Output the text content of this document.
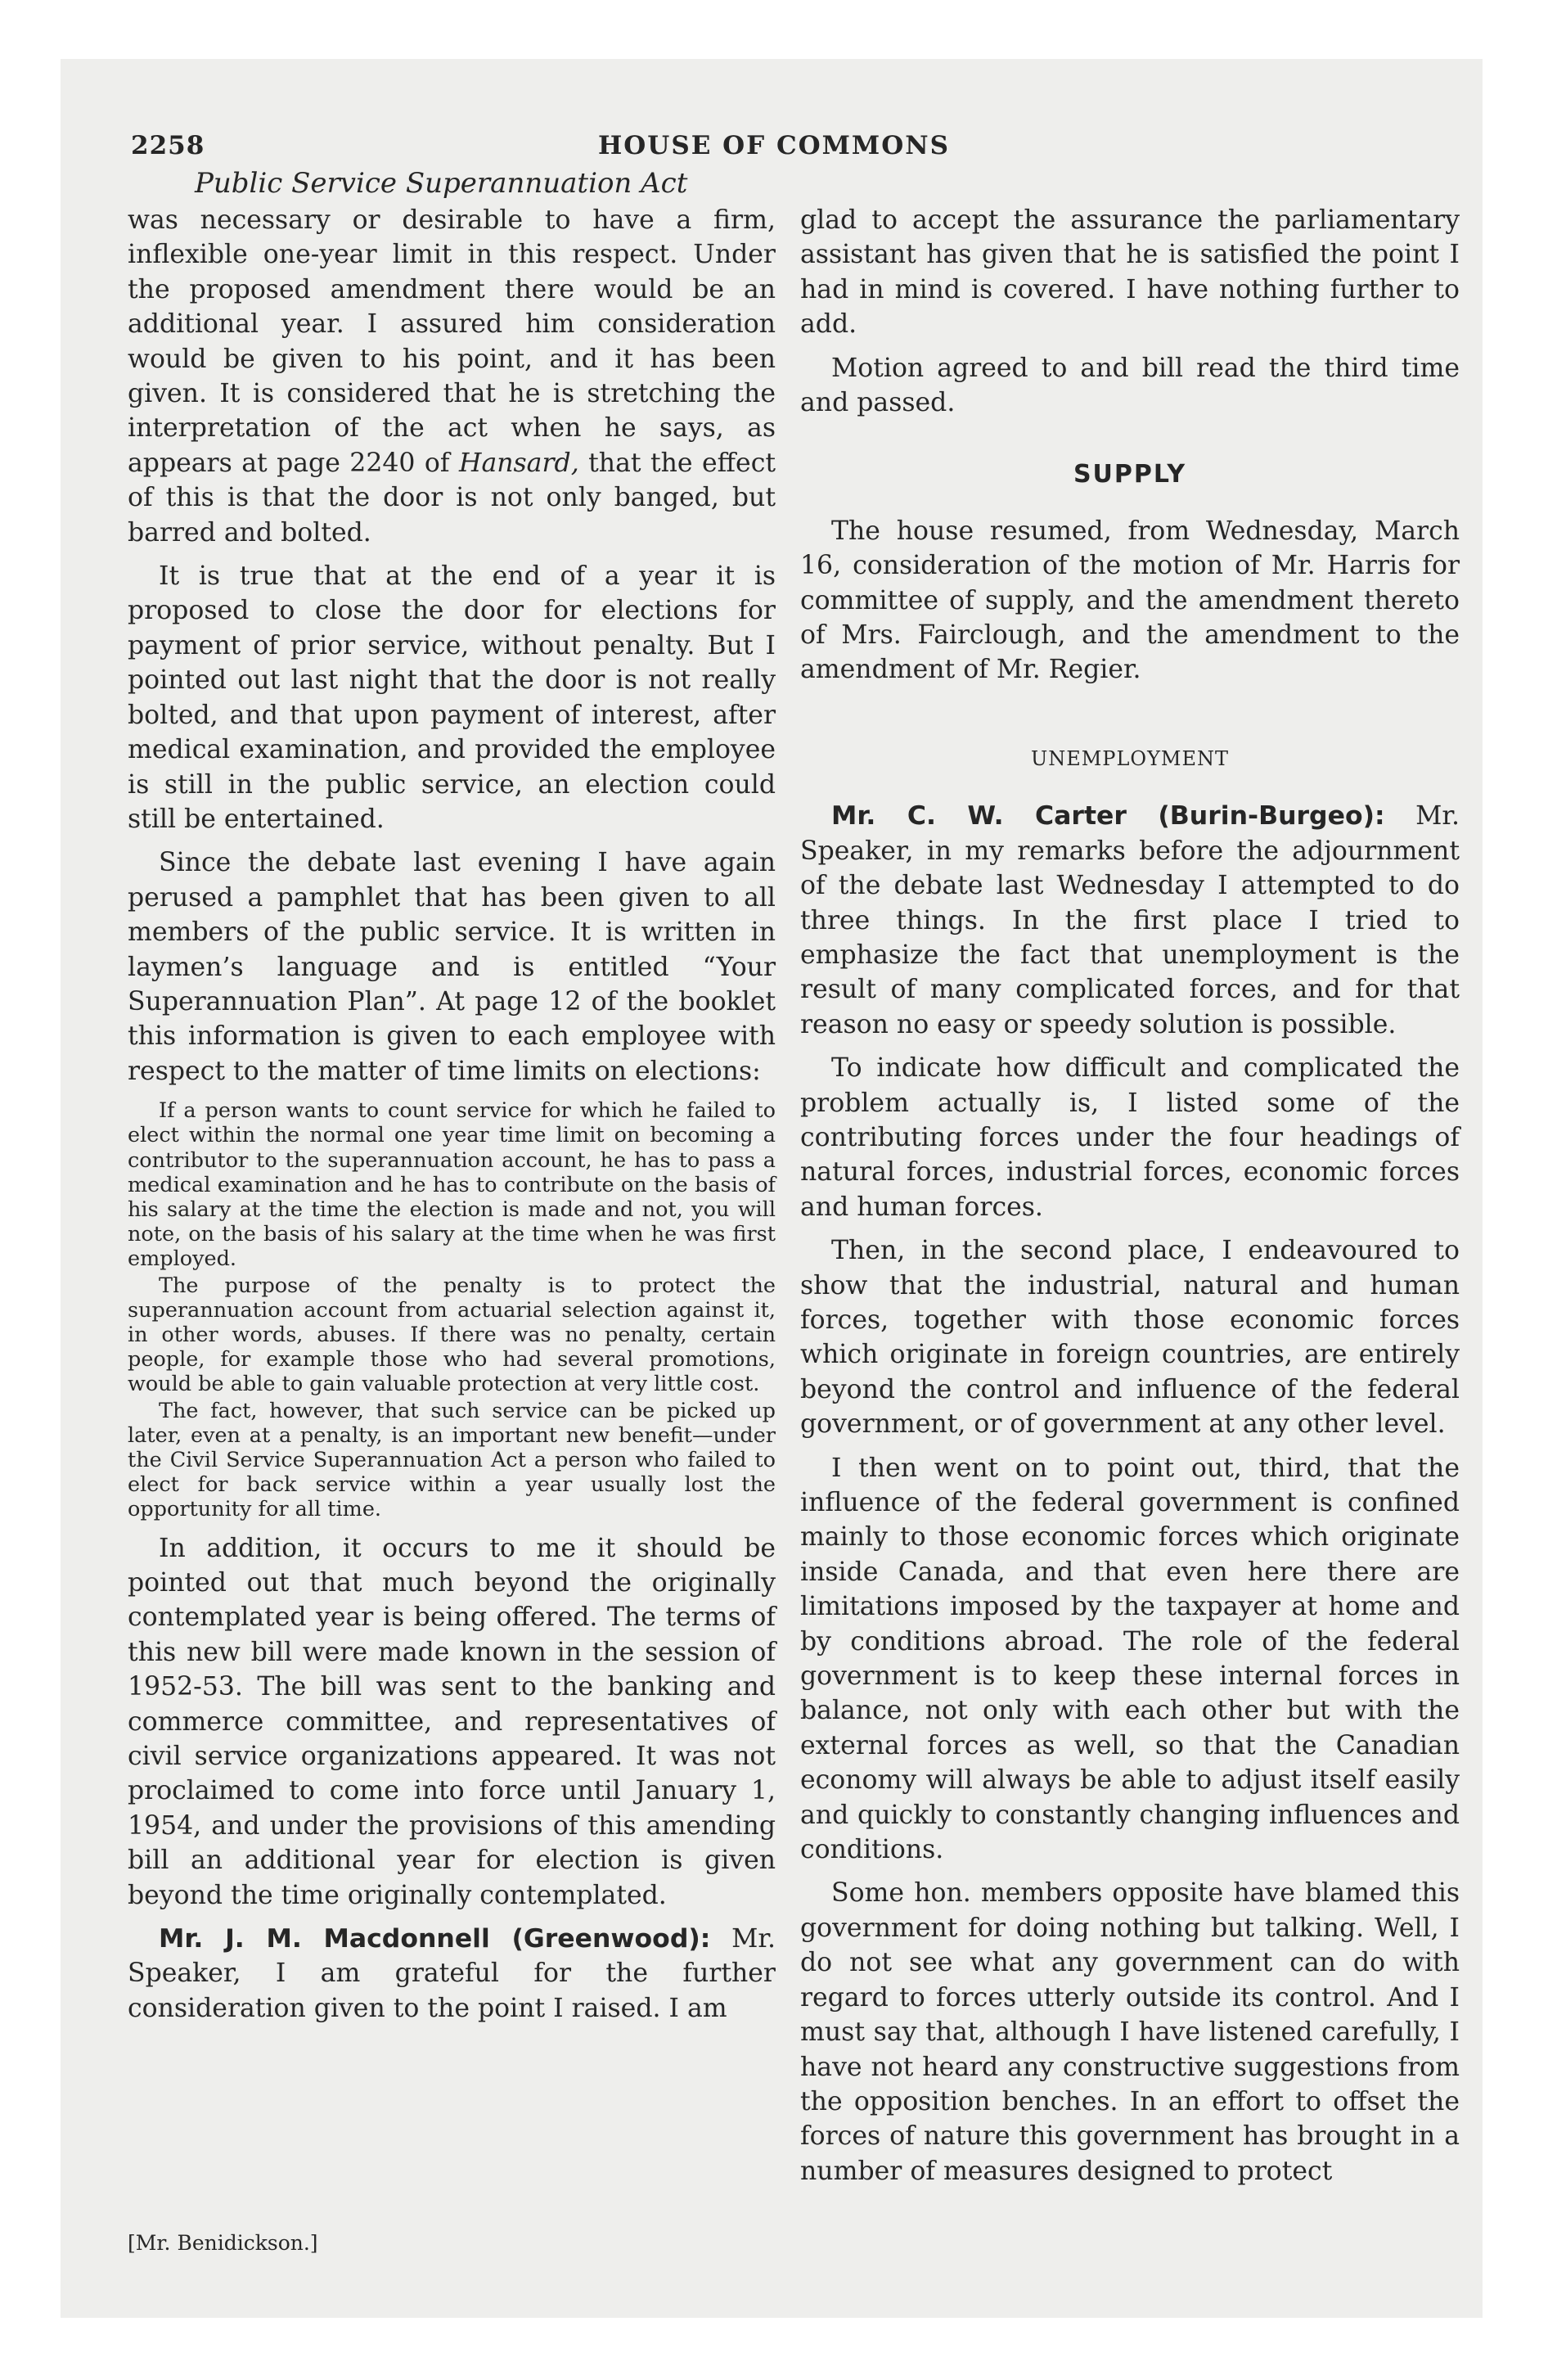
2258	HOUSE OF COMMONS
Public Service Superannuation Act

was necessary or desirable to have a firm, inflexible one-year limit in this respect. Under the proposed amendment there would be an additional year. I assured him consideration would be given to his point, and it has been given. It is considered that he is stretching the interpretation of the act when he says, as appears at page 2240 of Hansard, that the effect of this is that the door is not only banged, but barred and bolted.

It is true that at the end of a year it is proposed to close the door for elections for payment of prior service, without penalty. But I pointed out last night that the door is not really bolted, and that upon payment of interest, after medical examination, and provided the employee is still in the public service, an election could still be entertained.

Since the debate last evening I have again perused a pamphlet that has been given to all members of the public service. It is written in laymen’s language and is entitled “Your Superannuation Plan”. At page 12 of the booklet this information is given to each employee with respect to the matter of time limits on elections:

If a person wants to count service for which he failed to elect within the normal one year time limit on becoming a contributor to the superannuation account, he has to pass a medical examination and he has to contribute on the basis of his salary at the time the election is made and not, you will note, on the basis of his salary at the time when he was first employed.

The purpose of the penalty is to protect the superannuation account from actuarial selection against it, in other words, abuses. If there was no penalty, certain people, for example those who had several promotions, would be able to gain valuable protection at very little cost.

The fact, however, that such service can be picked up later, even at a penalty, is an important new benefit—under the Civil Service Superannuation Act a person who failed to elect for back service within a year usually lost the opportunity for all time.

In addition, it occurs to me it should be pointed out that much beyond the originally contemplated year is being offered. The terms of this new bill were made known in the session of 1952-53. The bill was sent to the banking and commerce committee, and representatives of civil service organizations appeared. It was not proclaimed to come into force until January 1, 1954, and under the provisions of this amending bill an additional year for election is given beyond the time originally contemplated.

Mr. J. M. Macdonnell (Greenwood): Mr. Speaker, I am grateful for the further consideration given to the point I raised. I am

glad to accept the assurance the parliamentary assistant has given that he is satisfied the point I had in mind is covered. I have nothing further to add.

Motion agreed to and bill read the third time and passed.

SUPPLY

The house resumed, from Wednesday, March 16, consideration of the motion of Mr. Harris for committee of supply, and the amendment thereto of Mrs. Fairclough, and the amendment to the amendment of Mr. Regier.

UNEMPLOYMENT

Mr. C. W. Carter (Burin-Burgeo): Mr. Speaker, in my remarks before the adjournment of the debate last Wednesday I attempted to do three things. In the first place I tried to emphasize the fact that unemployment is the result of many complicated forces, and for that reason no easy or speedy solution is possible.

To indicate how difficult and complicated the problem actually is, I listed some of the contributing forces under the four headings of natural forces, industrial forces, economic forces and human forces.

Then, in the second place, I endeavoured to show that the industrial, natural and human forces, together with those economic forces which originate in foreign countries, are entirely beyond the control and influence of the federal government, or of government at any other level.

I then went on to point out, third, that the influence of the federal government is confined mainly to those economic forces which originate inside Canada, and that even here there are limitations imposed by the taxpayer at home and by conditions abroad. The role of the federal government is to keep these internal forces in balance, not only with each other but with the external forces as well, so that the Canadian economy will always be able to adjust itself easily and quickly to constantly changing influences and conditions.

Some hon. members opposite have blamed this government for doing nothing but talking. Well, I do not see what any government can do with regard to forces utterly outside its control. And I must say that, although I have listened carefully, I have not heard any constructive suggestions from the opposition benches. In an effort to offset the forces of nature this government has brought in a number of measures designed to protect

[Mr. Benidickson.]
